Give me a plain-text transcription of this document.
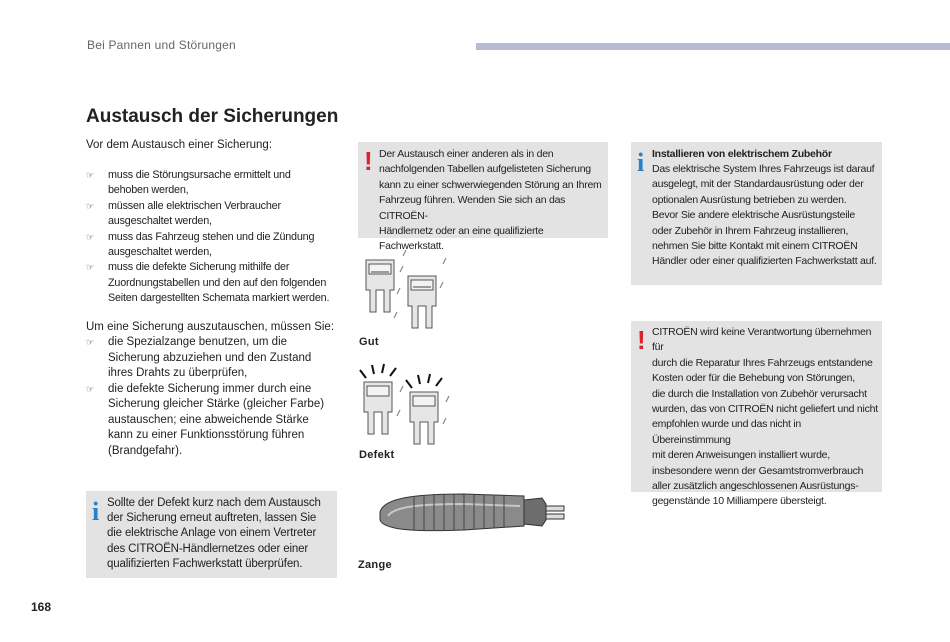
Bei Pannen und Störungen
Austausch der Sicherungen
Vor dem Austausch einer Sicherung:
☞ muss die Störungsursache ermittelt und
behoben werden,
☞ müssen alle elektrischen Verbraucher
ausgeschaltet werden,
☞ muss das Fahrzeug stehen und die Zündung
ausgeschaltet werden,
☞ muss die defekte Sicherung mithilfe der
Zuordnungstabellen und den auf den folgenden
Seiten dargestellten Schemata markiert werden.
Um eine Sicherung auszutauschen, müssen Sie:
☞ die Spezialzange benutzen, um die
Sicherung abzuziehen und den Zustand
ihres Drahts zu überprüfen,
☞ die defekte Sicherung immer durch eine
Sicherung gleicher Stärke (gleicher Farbe)
austauschen; eine abweichende Stärke
kann zu einer Funktionsstörung führen
(Brandgefahr).
i Sollte der Defekt kurz nach dem Austausch
der Sicherung erneut auftreten, lassen Sie
die elektrische Anlage von einem Vertreter
des CITROËN-Händlernetzes oder einer
qualifizierten Fachwerkstatt überprüfen.
168
! Der Austausch einer anderen als in den
nachfolgenden Tabellen aufgelisteten Sicherung
kann zu einer schwerwiegenden Störung an Ihrem
Fahrzeug führen. Wenden Sie sich an das CITROËN-
Händlernetz oder an eine qualifizierte Fachwerkstatt.
Gut
Defekt
Zange
i Installieren von elektrischem Zubehör
Das elektrische System Ihres Fahrzeugs ist darauf
ausgelegt, mit der Standardausrüstung oder der
optionalen Ausrüstung betrieben zu werden.
Bevor Sie andere elektrische Ausrüstungsteile
oder Zubehör in Ihrem Fahrzeug installieren,
nehmen Sie bitte Kontakt mit einem CITROËN
Händler oder einer qualifizierten Fachwerkstatt auf.
! CITROËN wird keine Verantwortung übernehmen für
durch die Reparatur Ihres Fahrzeugs entstandene
Kosten oder für die Behebung von Störungen,
die durch die Installation von Zubehör verursacht
wurden, das von CITROËN nicht geliefert und nicht
empfohlen wurde und das nicht in Übereinstimmung
mit deren Anweisungen installiert wurde,
insbesondere wenn der Gesamtstromverbrauch
aller zusätzlich angeschlossenen Ausrüstungs-
gegenstände 10 Milliampere übersteigt.
